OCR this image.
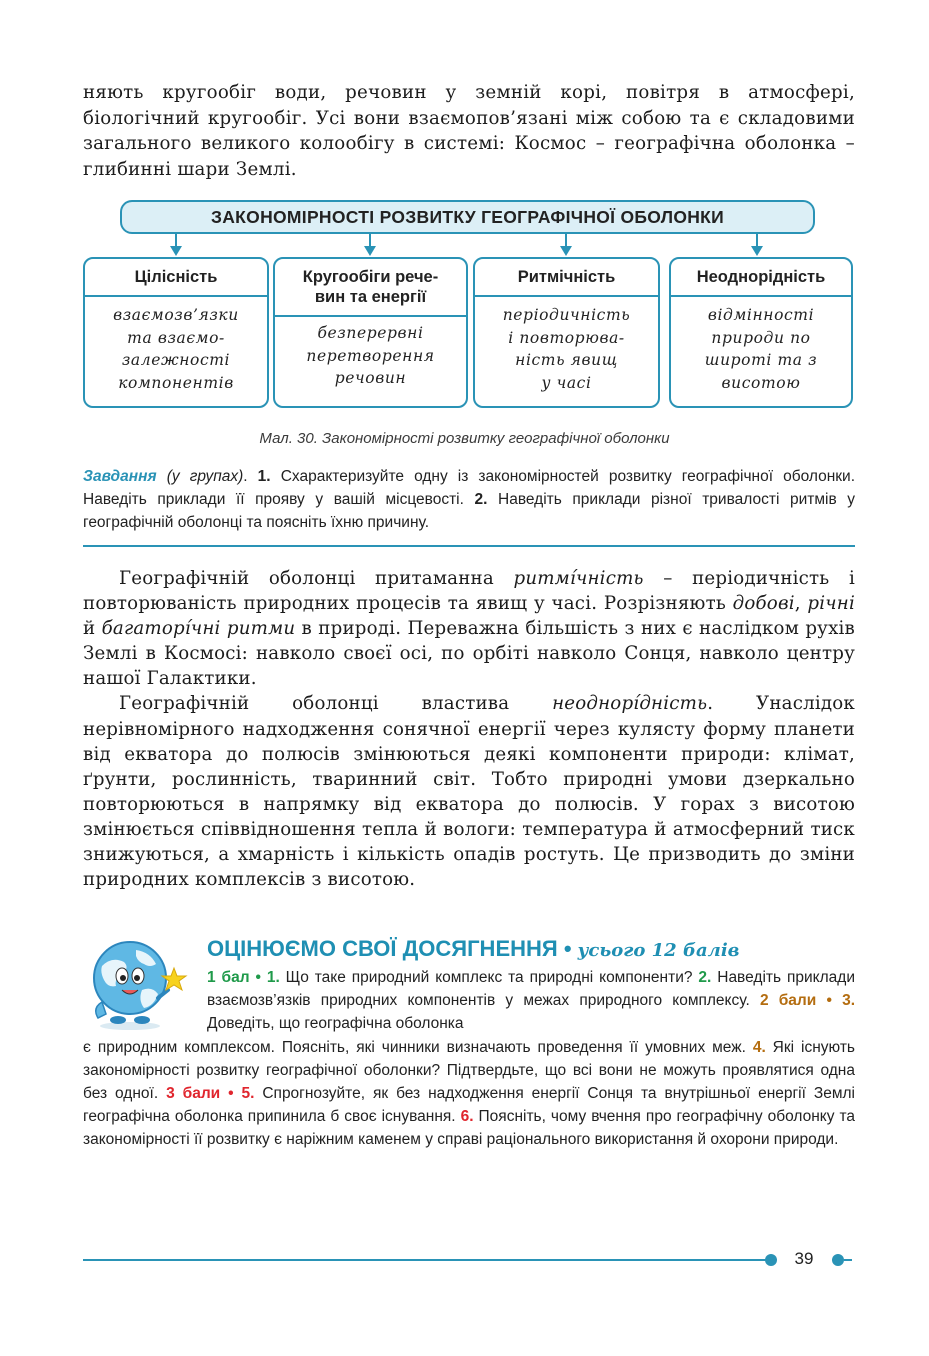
няють кругообіг води, речовин у земній корі, повітря в атмосфері, біологічний кругообіг. Усі вони взаємопов’язані між собою та є складовими загального великого колообігу в системі: Космос – географічна оболонка – глибинні шари Землі.
ЗАКОНОМІРНОСТІ РОЗВИТКУ ГЕОГРАФІЧНОЇ ОБОЛОНКИ
Цілісність
взаємозв’язки
та взаємо-
залежності
компонентів
Кругообіги рече-
вин та енергії
безперервні
перетворення
речовин
Ритмічність
періодичність
і повторюва-
ність явищ
у часі
Неоднорідність
відмінності
природи по
широті та з
висотою
Мал. 30. Закономірності розвитку географічної оболонки
Завдання (у групах). 1. Схарактеризуйте одну із закономірностей розвитку географічної оболонки. Наведіть приклади її прояву у вашій місцевості. 2. Наведіть приклади різної тривалості ритмів у географічній оболонці та поясніть їхню причину.

Географічній оболонці притаманна ритмíчність – періодичність і повторюваність природних процесів та явищ у часі. Розрізняють добові, річні й багаторíчні ритми в природі. Переважна більшість з них є наслідком рухів Землі в Космосі: навколо своєї осі, по орбіті навколо Сонця, навколо центру нашої Галактики.

Географічній оболонці властива неоднорíдність. Унаслідок нерівномірного надходження сонячної енергії через кулясту форму планети від екватора до полюсів змінюються деякі компоненти природи: клімат, ґрунти, рослинність, тваринний світ. Тобто природні умови дзеркально повторюються в напрямку від екватора до полюсів. У горах з висотою змінюється співвідношення тепла й вологи: температура й атмосферний тиск знижуються, а хмарність і кількість опадів ростуть. Це призводить до зміни природних комплексів з висотою.

ОЦІНЮЄМО СВОЇ ДОСЯГНЕННЯ • усього 12 балів
1 бал • 1. Що таке природний комплекс та природні компоненти? 2. Наведіть приклади взаємозв’язків природних компонентів у межах природного комплексу. 2 бали • 3. Доведіть, що географічна оболонка
є природним комплексом. Поясніть, які чинники визначають проведення її умовних меж. 4. Які існують закономірності розвитку географічної оболонки? Підтвердьте, що всі вони не можуть проявлятися одна без одної. 3 бали • 5. Спрогнозуйте, як без надходження енергії Сонця та внутрішньої енергії Землі географічна оболонка припинила б своє існування. 6. Поясніть, чому вчення про географічну оболонку та закономірності її розвитку є наріжним каменем у справі раціонального використання й охорони природи.
39
